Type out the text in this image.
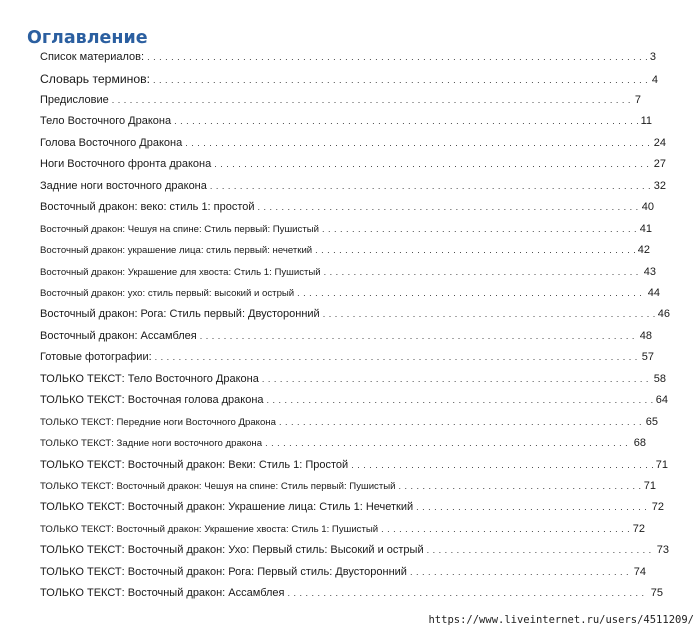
Оглавление
Список материалов: . . .	3
Словарь терминов: . . .	4
Предисловие . . .	7
Тело Восточного Дракона . . .	11
Голова Восточного Дракона . . .	24
Ноги Восточного фронта дракона . . .	27
Задние ноги восточного дракона . . .	32
Восточный дракон: веко: стиль 1: простой . . .	40
Восточный дракон: Чешуя на спине: Стиль первый: Пушистый . . .	41
Восточный дракон: украшение лица: стиль первый: нечеткий . . .	42
Восточный дракон: Украшение для хвоста: Стиль 1: Пушистый . . .	43
Восточный дракон: ухо: стиль первый: высокий и острый . . .	44
Восточный дракон: Рога: Стиль первый: Двусторонний . . .	46
Восточный дракон: Ассамблея . . .	48
Готовые фотографии: . . .	57
ТОЛЬКО ТЕКСТ: Тело Восточного Дракона . . .	58
ТОЛЬКО ТЕКСТ: Восточная голова дракона . . .	64
ТОЛЬКО ТЕКСТ: Передние ноги Восточного Дракона . . .	65
ТОЛЬКО ТЕКСТ: Задние ноги восточного дракона . . .	68
ТОЛЬКО ТЕКСТ: Восточный дракон: Веки: Стиль 1: Простой . . .	71
ТОЛЬКО ТЕКСТ: Восточный дракон: Чешуя на спине: Стиль первый: Пушистый . . .	71
ТОЛЬКО ТЕКСТ: Восточный дракон: Украшение лица: Стиль 1: Нечеткий . . .	72
ТОЛЬКО ТЕКСТ: Восточный дракон: Украшение хвоста: Стиль 1: Пушистый . . .	72
ТОЛЬКО ТЕКСТ: Восточный дракон: Ухо: Первый стиль: Высокий и острый . . .	73
ТОЛЬКО ТЕКСТ: Восточный дракон: Рога: Первый стиль: Двусторонний . . .	74
ТОЛЬКО ТЕКСТ: Восточный дракон: Ассамблея . . .	75
https://www.liveinternet.ru/users/4511209/
